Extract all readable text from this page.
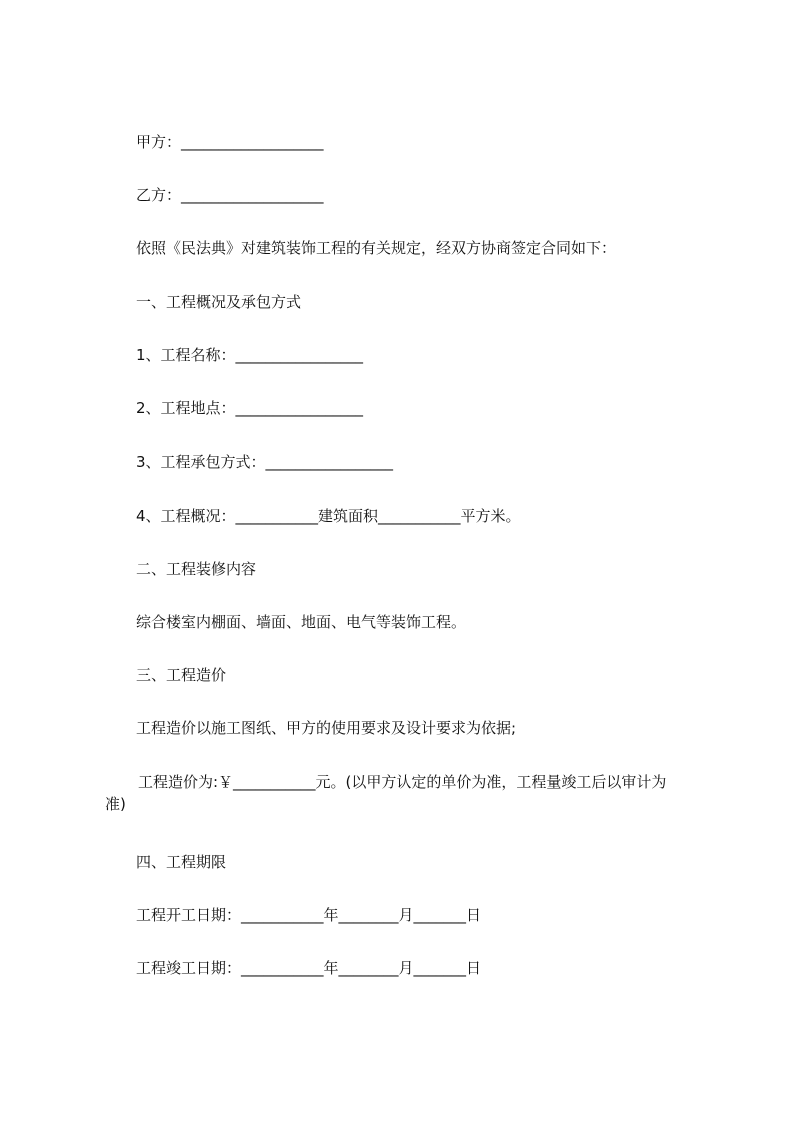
甲方：___________________
乙方：___________________
依照《民法典》对建筑装饰工程的有关规定，经双方协商签定合同如下：
一、工程概况及承包方式
1、工程名称：_________________
2、工程地点：_________________
3、工程承包方式：_________________
4、工程概况：___________建筑面积___________平方米。
二、工程装修内容
综合楼室内棚面、墙面、地面、电气等装饰工程。
三、工程造价
工程造价以施工图纸、甲方的使用要求及设计要求为依据;
工程造价为:￥___________元。(以甲方认定的单价为准，工程量竣工后以审计为准)
四、工程期限
工程开工日期：___________年________月_______日
工程竣工日期：___________年________月_______日
